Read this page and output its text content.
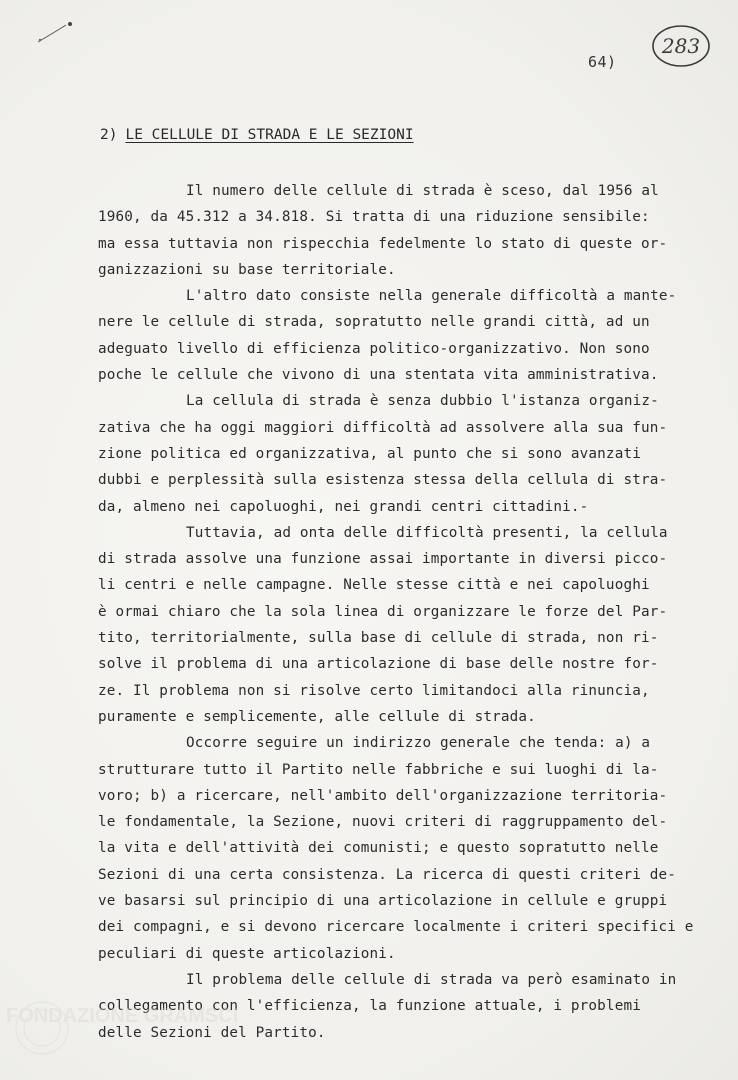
283
64)
2) LE CELLULE DI STRADA E LE SEZIONI
Il numero delle cellule di strada è sceso, dal 1956 al
1960, da 45.312 a 34.818. Si tratta di una riduzione sensibile:
ma essa tuttavia non rispecchia fedelmente lo stato di queste or-
ganizzazioni su base territoriale.
L'altro dato consiste nella generale difficoltà a mante-
nere le cellule di strada, sopratutto nelle grandi città, ad un
adeguato livello di efficienza politico-organizzativo. Non sono
poche le cellule che vivono di una stentata vita amministrativa.
La cellula di strada è senza dubbio l'istanza organiz-
zativa che ha oggi maggiori difficoltà ad assolvere alla sua fun-
zione politica ed organizzativa, al punto che si sono avanzati
dubbi e perplessità sulla esistenza stessa della cellula di stra-
da, almeno nei capoluoghi, nei grandi centri cittadini.-
Tuttavia, ad onta delle difficoltà presenti, la cellula
di strada assolve una funzione assai importante in diversi picco-
li centri e nelle campagne. Nelle stesse città e nei capoluoghi
è ormai chiaro che la sola linea di organizzare le forze del Par-
tito, territorialmente, sulla base di cellule di strada, non ri-
solve il problema di una articolazione di base delle nostre for-
ze. Il problema non si risolve certo limitandoci alla rinuncia,
puramente e semplicemente, alle cellule di strada.
Occorre seguire un indirizzo generale che tenda: a) a
strutturare tutto il Partito nelle fabbriche e sui luoghi di la-
voro; b) a ricercare, nell'ambito dell'organizzazione territoria-
le fondamentale, la Sezione, nuovi criteri di raggruppamento del-
la vita e dell'attività dei comunisti; e questo sopratutto nelle
Sezioni di una certa consistenza. La ricerca di questi criteri de-
ve basarsi sul principio di una articolazione in cellule e gruppi
dei compagni, e si devono ricercare localmente i criteri specifici e
peculiari di queste articolazioni.
Il problema delle cellule di strada va però esaminato in
collegamento con l'efficienza, la funzione attuale, i problemi
delle Sezioni del Partito.
FONDAZIONE GRAMSCI
